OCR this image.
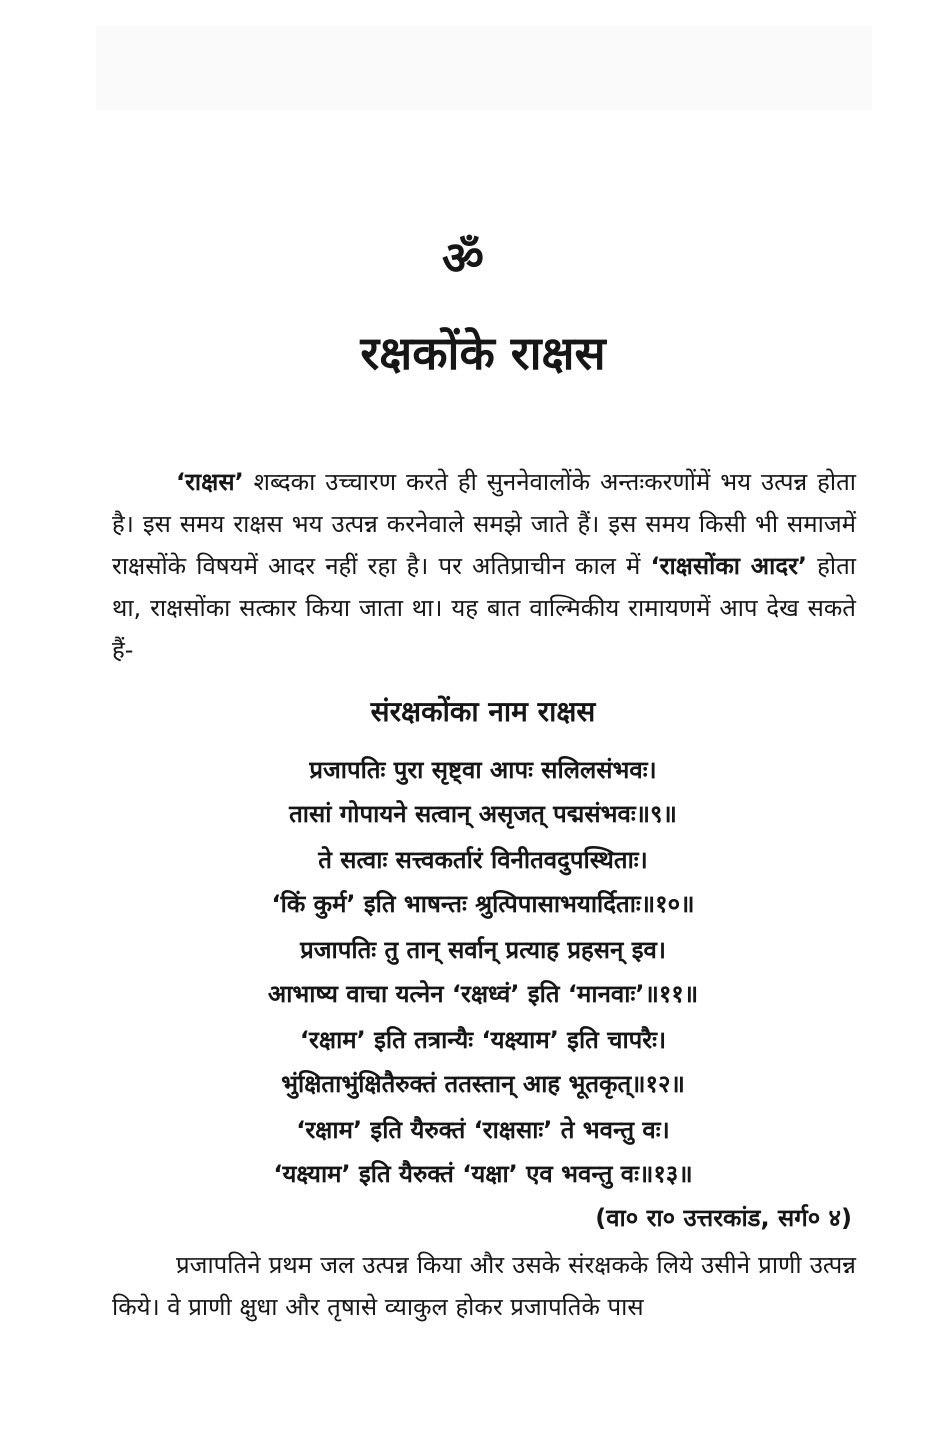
ॐ
रक्षकोंके राक्षस
‘राक्षस’ शब्दका उच्चारण करते ही सुननेवालोंके अन्तःकरणोंमें भय उत्पन्न होता है। इस समय राक्षस भय उत्पन्न करनेवाले समझे जाते हैं। इस समय किसी भी समाजमें राक्षसोंके विषयमें आदर नहीं रहा है। पर अतिप्राचीन काल में ‘राक्षसोंका आदर’ होता था, राक्षसोंका सत्कार किया जाता था। यह बात वाल्मिकीय रामायणमें आप देख सकते हैं-
संरक्षकोंका नाम राक्षस
प्रजापतिः पुरा सृष्ट्वा आपः सलिलसंभवः।
तासां गोपायने सत्वान् असृजत् पद्मसंभवः॥९॥
ते सत्वाः सत्त्वकर्तारं विनीतवदुपस्थिताः।
‘किं कुर्म’ इति भाषन्तः श्रुत्पिपासाभयार्दिताः॥१०॥
प्रजापतिः तु तान् सर्वान् प्रत्याह प्रहसन् इव।
आभाष्य वाचा यत्नेन ‘रक्षध्वं’ इति ‘मानवाः’॥११॥
‘रक्षाम’ इति तत्रान्यैः ‘यक्ष्याम’ इति चापरैः।
भुंक्षिताभुंक्षितैरुक्तं ततस्तान् आह भूतकृत्॥१२॥
‘रक्षाम’ इति यैरुक्तं ‘राक्षसाः’ ते भवन्तु वः।
‘यक्ष्याम’ इति यैरुक्तं ‘यक्षा’ एव भवन्तु वः॥१३॥
(वा० रा० उत्तरकांड, सर्ग० ४)
प्रजापतिने प्रथम जल उत्पन्न किया और उसके संरक्षकके लिये उसीने प्राणी उत्पन्न किये। वे प्राणी क्षुधा और तृषासे व्याकुल होकर प्रजापतिके पास
